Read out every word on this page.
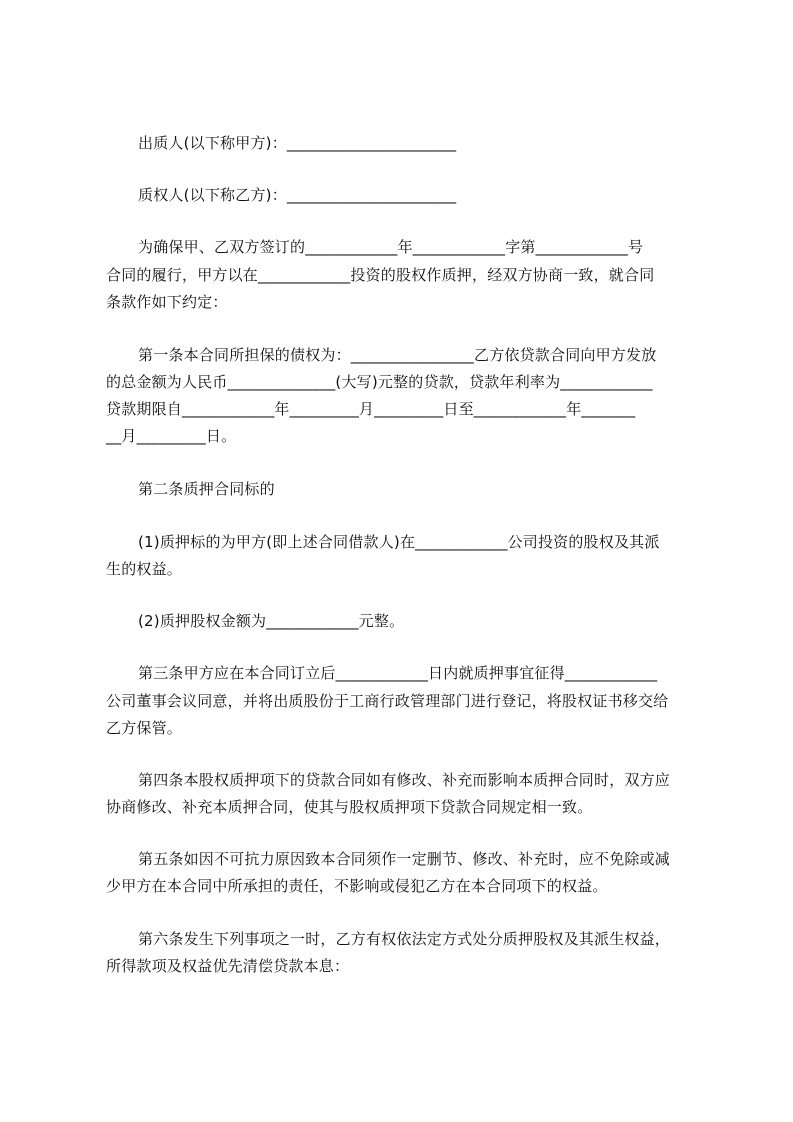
出质人(以下称甲方)：______________________
质权人(以下称乙方)：______________________
为确保甲、乙双方签订的____________年____________字第____________号
合同的履行，甲方以在____________投资的股权作质押，经双方协商一致，就合同
条款作如下约定：
第一条本合同所担保的债权为：________________乙方依贷款合同向甲方发放
的总金额为人民币______________(大写)元整的贷款，贷款年利率为____________
贷款期限自____________年_________月_________日至____________年_______
__月_________日。
第二条质押合同标的
(1)质押标的为甲方(即上述合同借款人)在____________公司投资的股权及其派
生的权益。
(2)质押股权金额为____________元整。
第三条甲方应在本合同订立后____________日内就质押事宜征得____________
公司董事会议同意，并将出质股份于工商行政管理部门进行登记，将股权证书移交给
乙方保管。
第四条本股权质押项下的贷款合同如有修改、补充而影响本质押合同时，双方应
协商修改、补充本质押合同，使其与股权质押项下贷款合同规定相一致。
第五条如因不可抗力原因致本合同须作一定删节、修改、补充时，应不免除或减
少甲方在本合同中所承担的责任，不影响或侵犯乙方在本合同项下的权益。
第六条发生下列事项之一时，乙方有权依法定方式处分质押股权及其派生权益，
所得款项及权益优先清偿贷款本息：
